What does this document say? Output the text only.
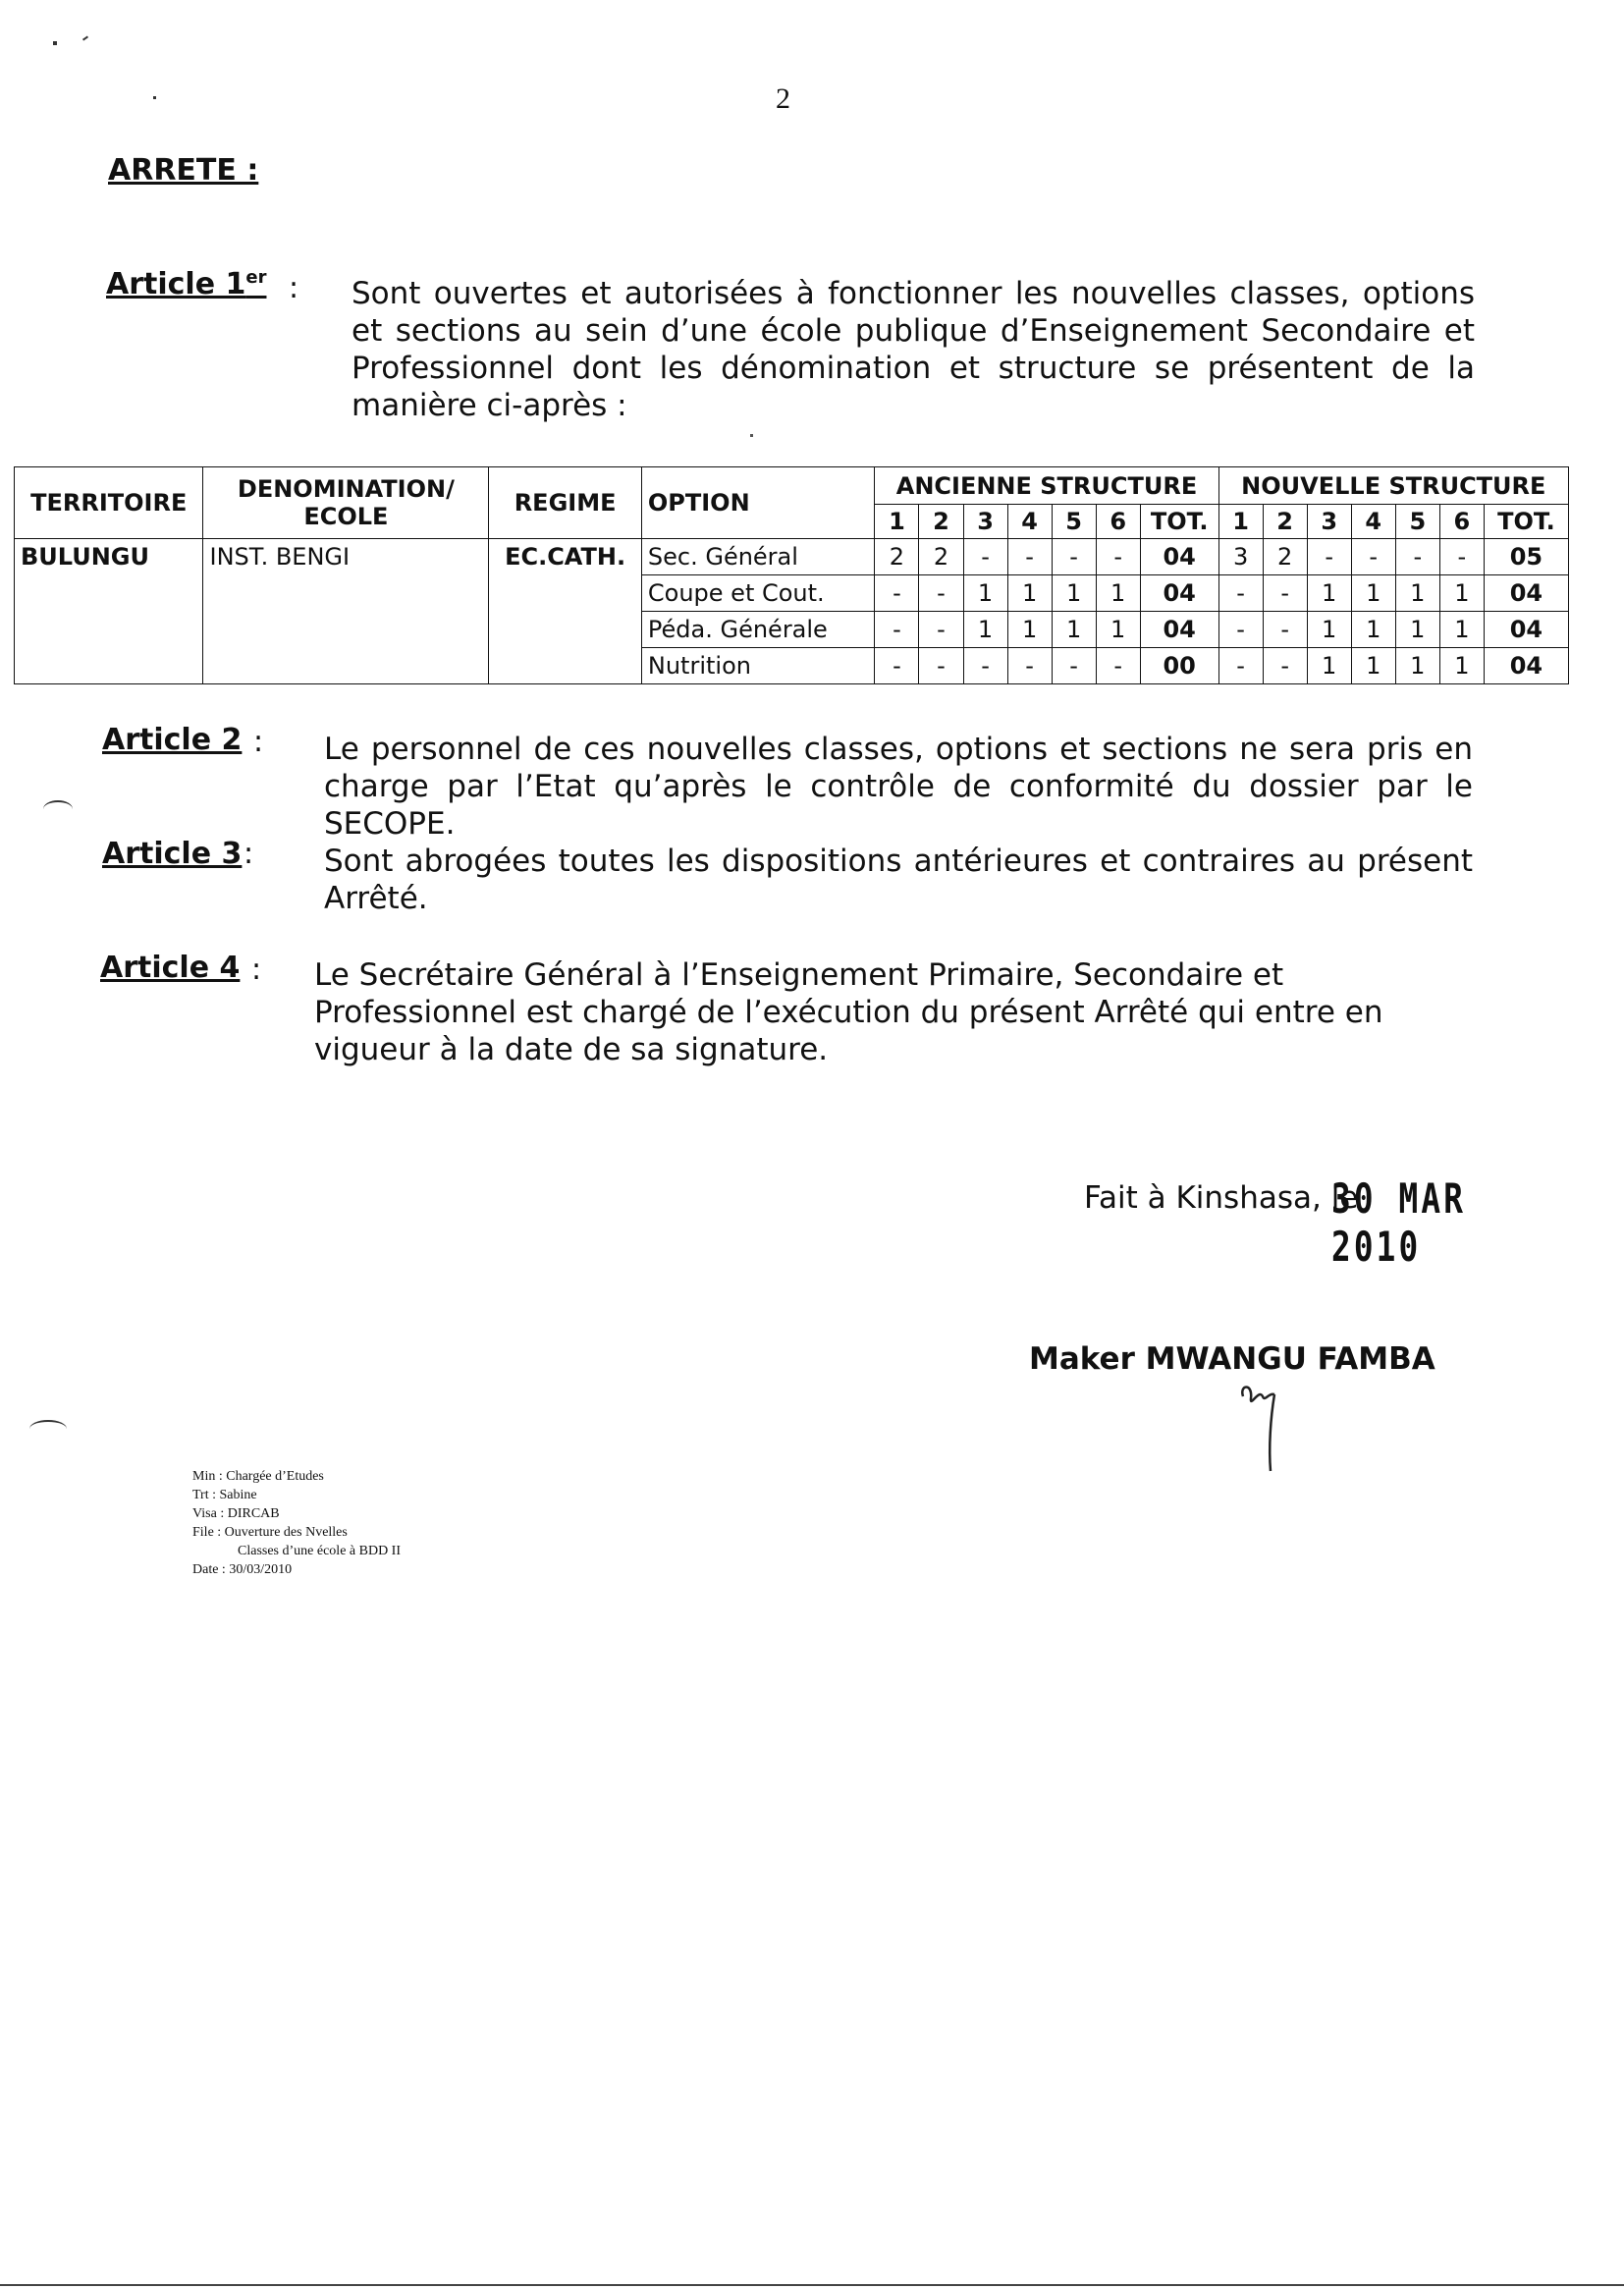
2
ARRETE :
Article 1er : Sont ouvertes et autorisées à fonctionner les nouvelles classes, options et sections au sein d’une école publique d’Enseignement Secondaire et Professionnel dont les dénomination et structure se présentent de la manière ci-après :
TERRITOIRE	DENOMINATION/ ECOLE	REGIME	OPTION	ANCIENNE STRUCTURE							NOUVELLE STRUCTURE						
				1	2	3	4	5	6	TOT.	1	2	3	4	5	6	TOT.
BULUNGU	INST. BENGI	EC.CATH.	Sec. Général	2	2	-	-	-	-	04	3	2	-	-	-	-	05
			Coupe et Cout.	-	-	1	1	1	1	04	-	-	1	1	1	1	04
			Péda. Générale	-	-	1	1	1	1	04	-	-	1	1	1	1	04
			Nutrition	-	-	-	-	-	-	00	-	-	1	1	1	1	04
Article 2 : Le personnel de ces nouvelles classes, options et sections ne sera pris en charge par l’Etat qu’après le contrôle de conformité du dossier par le SECOPE.
Article 3 : Sont abrogées toutes les dispositions antérieures et contraires au présent Arrêté.
Article 4 : Le Secrétaire Général à l’Enseignement Primaire, Secondaire et Professionnel est chargé de l’exécution du présent Arrêté qui entre en vigueur à la date de sa signature.
Fait à Kinshasa, le
30 MAR 2010
Maker MWANGU FAMBA
Min : Chargée d’Etudes
Trt : Sabine
Visa : DIRCAB
File : Ouverture des Nvelles
Classes d’une école à BDD II
Date : 30/03/2010
